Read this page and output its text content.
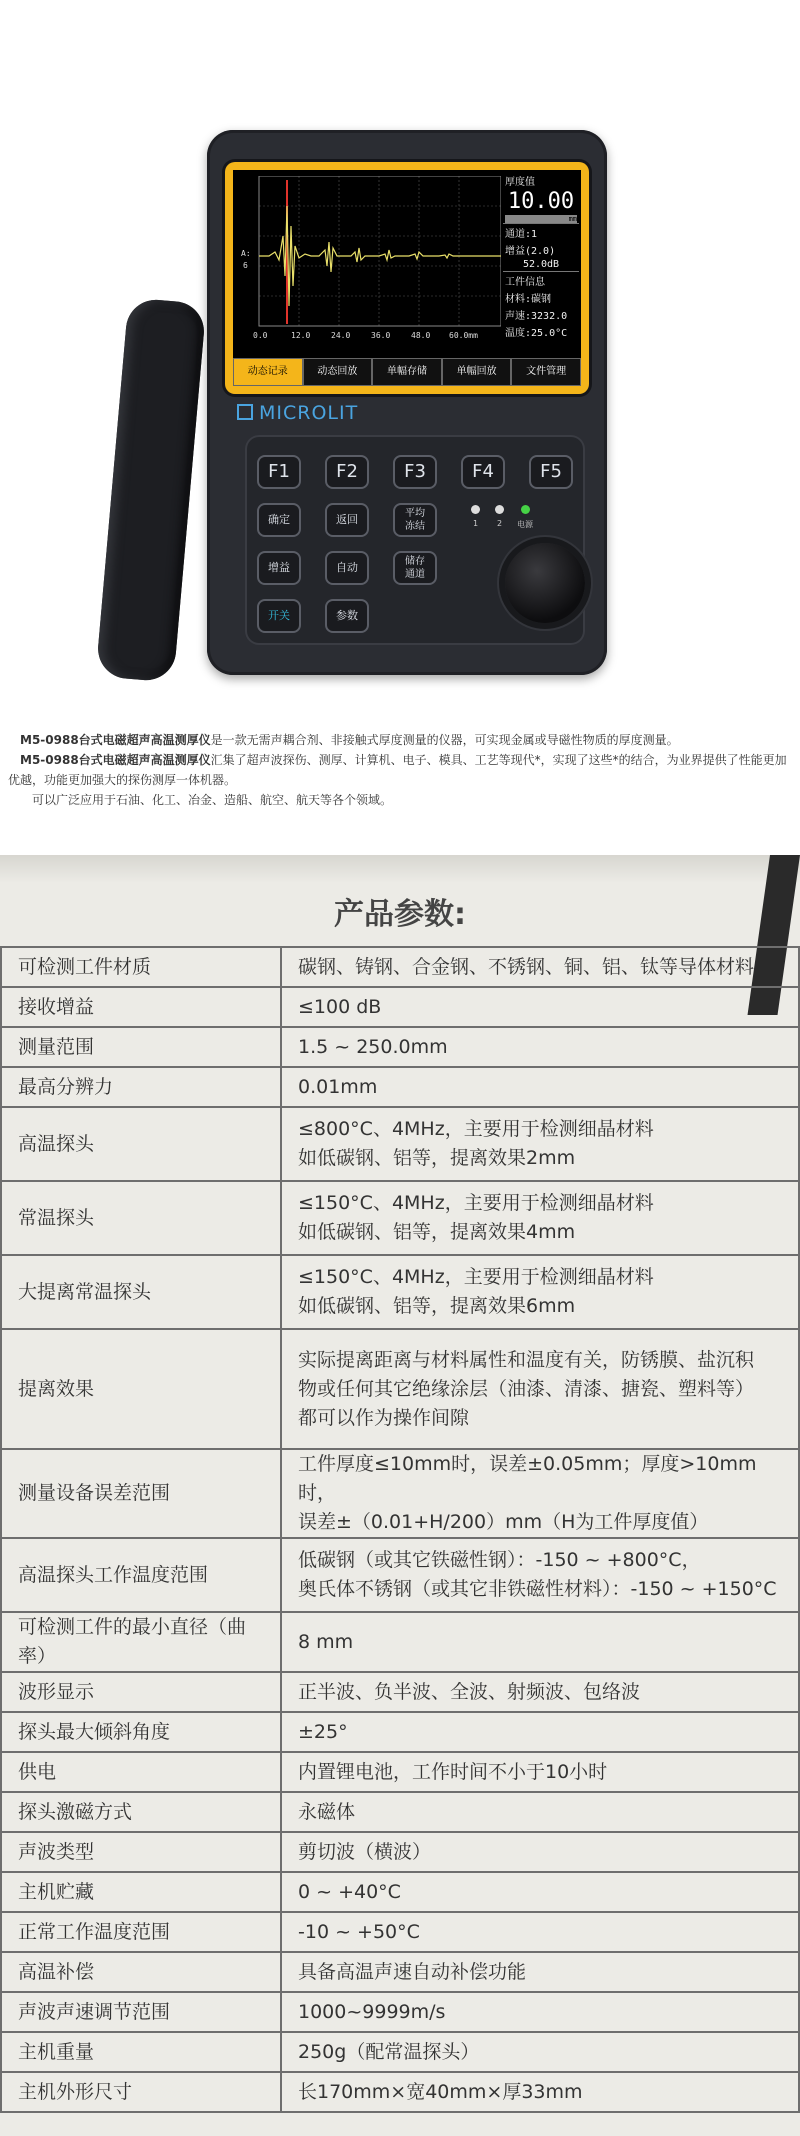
A:
6
0.0	12.0	24.0	36.0	48.0 60.0mm
厚度值
10.00
mm
通道:1
增益(2.0)
52.0dB
工件信息
材料:碳钢
声速:3232.0
温度:25.0°C
动态记录	动态回放	单幅存储	单幅回放	文件管理
MICROLIT
F1	F2	F3	F4	F5
确定	返回	平均
冻结	1 2 电源
增益	自动	储存
通道
开关	参数

M5-0988台式电磁超声高温测厚仪是一款无需声耦合剂、非接触式厚度测量的仪器，可实现金属或导磁性物质的厚度测量。

M5-0988台式电磁超声高温测厚仪汇集了超声波探伤、测厚、计算机、电子、模具、工艺等现代*，实现了这些*的结合，为业界提供了性能更加优越，功能更加强大的探伤测厚一体机器。

可以广泛应用于石油、化工、冶金、造船、航空、航天等各个领域。

产品参数:
可检测工件材质	碳钢、铸钢、合金钢、不锈钢、铜、铝、钛等导体材料
接收增益	≤100 dB
测量范围	1.5 ~ 250.0mm
最高分辨力	0.01mm
高温探头	≤800°C、4MHz，主要用于检测细晶材料
如低碳钢、铝等，提离效果2mm
常温探头	≤150°C、4MHz，主要用于检测细晶材料
如低碳钢、铝等，提离效果4mm
大提离常温探头	≤150°C、4MHz，主要用于检测细晶材料
如低碳钢、铝等，提离效果6mm
提离效果	实际提离距离与材料属性和温度有关，防锈膜、盐沉积
物或任何其它绝缘涂层（油漆、清漆、搪瓷、塑料等）
都可以作为操作间隙
测量设备误差范围	工件厚度≤10mm时，误差±0.05mm；厚度>10mm时，
误差±（0.01+H/200）mm（H为工件厚度值）
高温探头工作温度范围	低碳钢（或其它铁磁性钢）：-150 ~ +800°C，
奥氏体不锈钢（或其它非铁磁性材料）：-150 ~ +150°C
可检测工件的最小直径（曲率）	8 mm
波形显示	正半波、负半波、全波、射频波、包络波
探头最大倾斜角度	±25°
供电	内置锂电池，工作时间不小于10小时
探头激磁方式	永磁体
声波类型	剪切波（横波）
主机贮藏	0 ~ +40°C
正常工作温度范围	-10 ~ +50°C
高温补偿	具备高温声速自动补偿功能
声波声速调节范围	1000~9999m/s
主机重量	250g（配常温探头）
主机外形尺寸	长170mm×宽40mm×厚33mm
